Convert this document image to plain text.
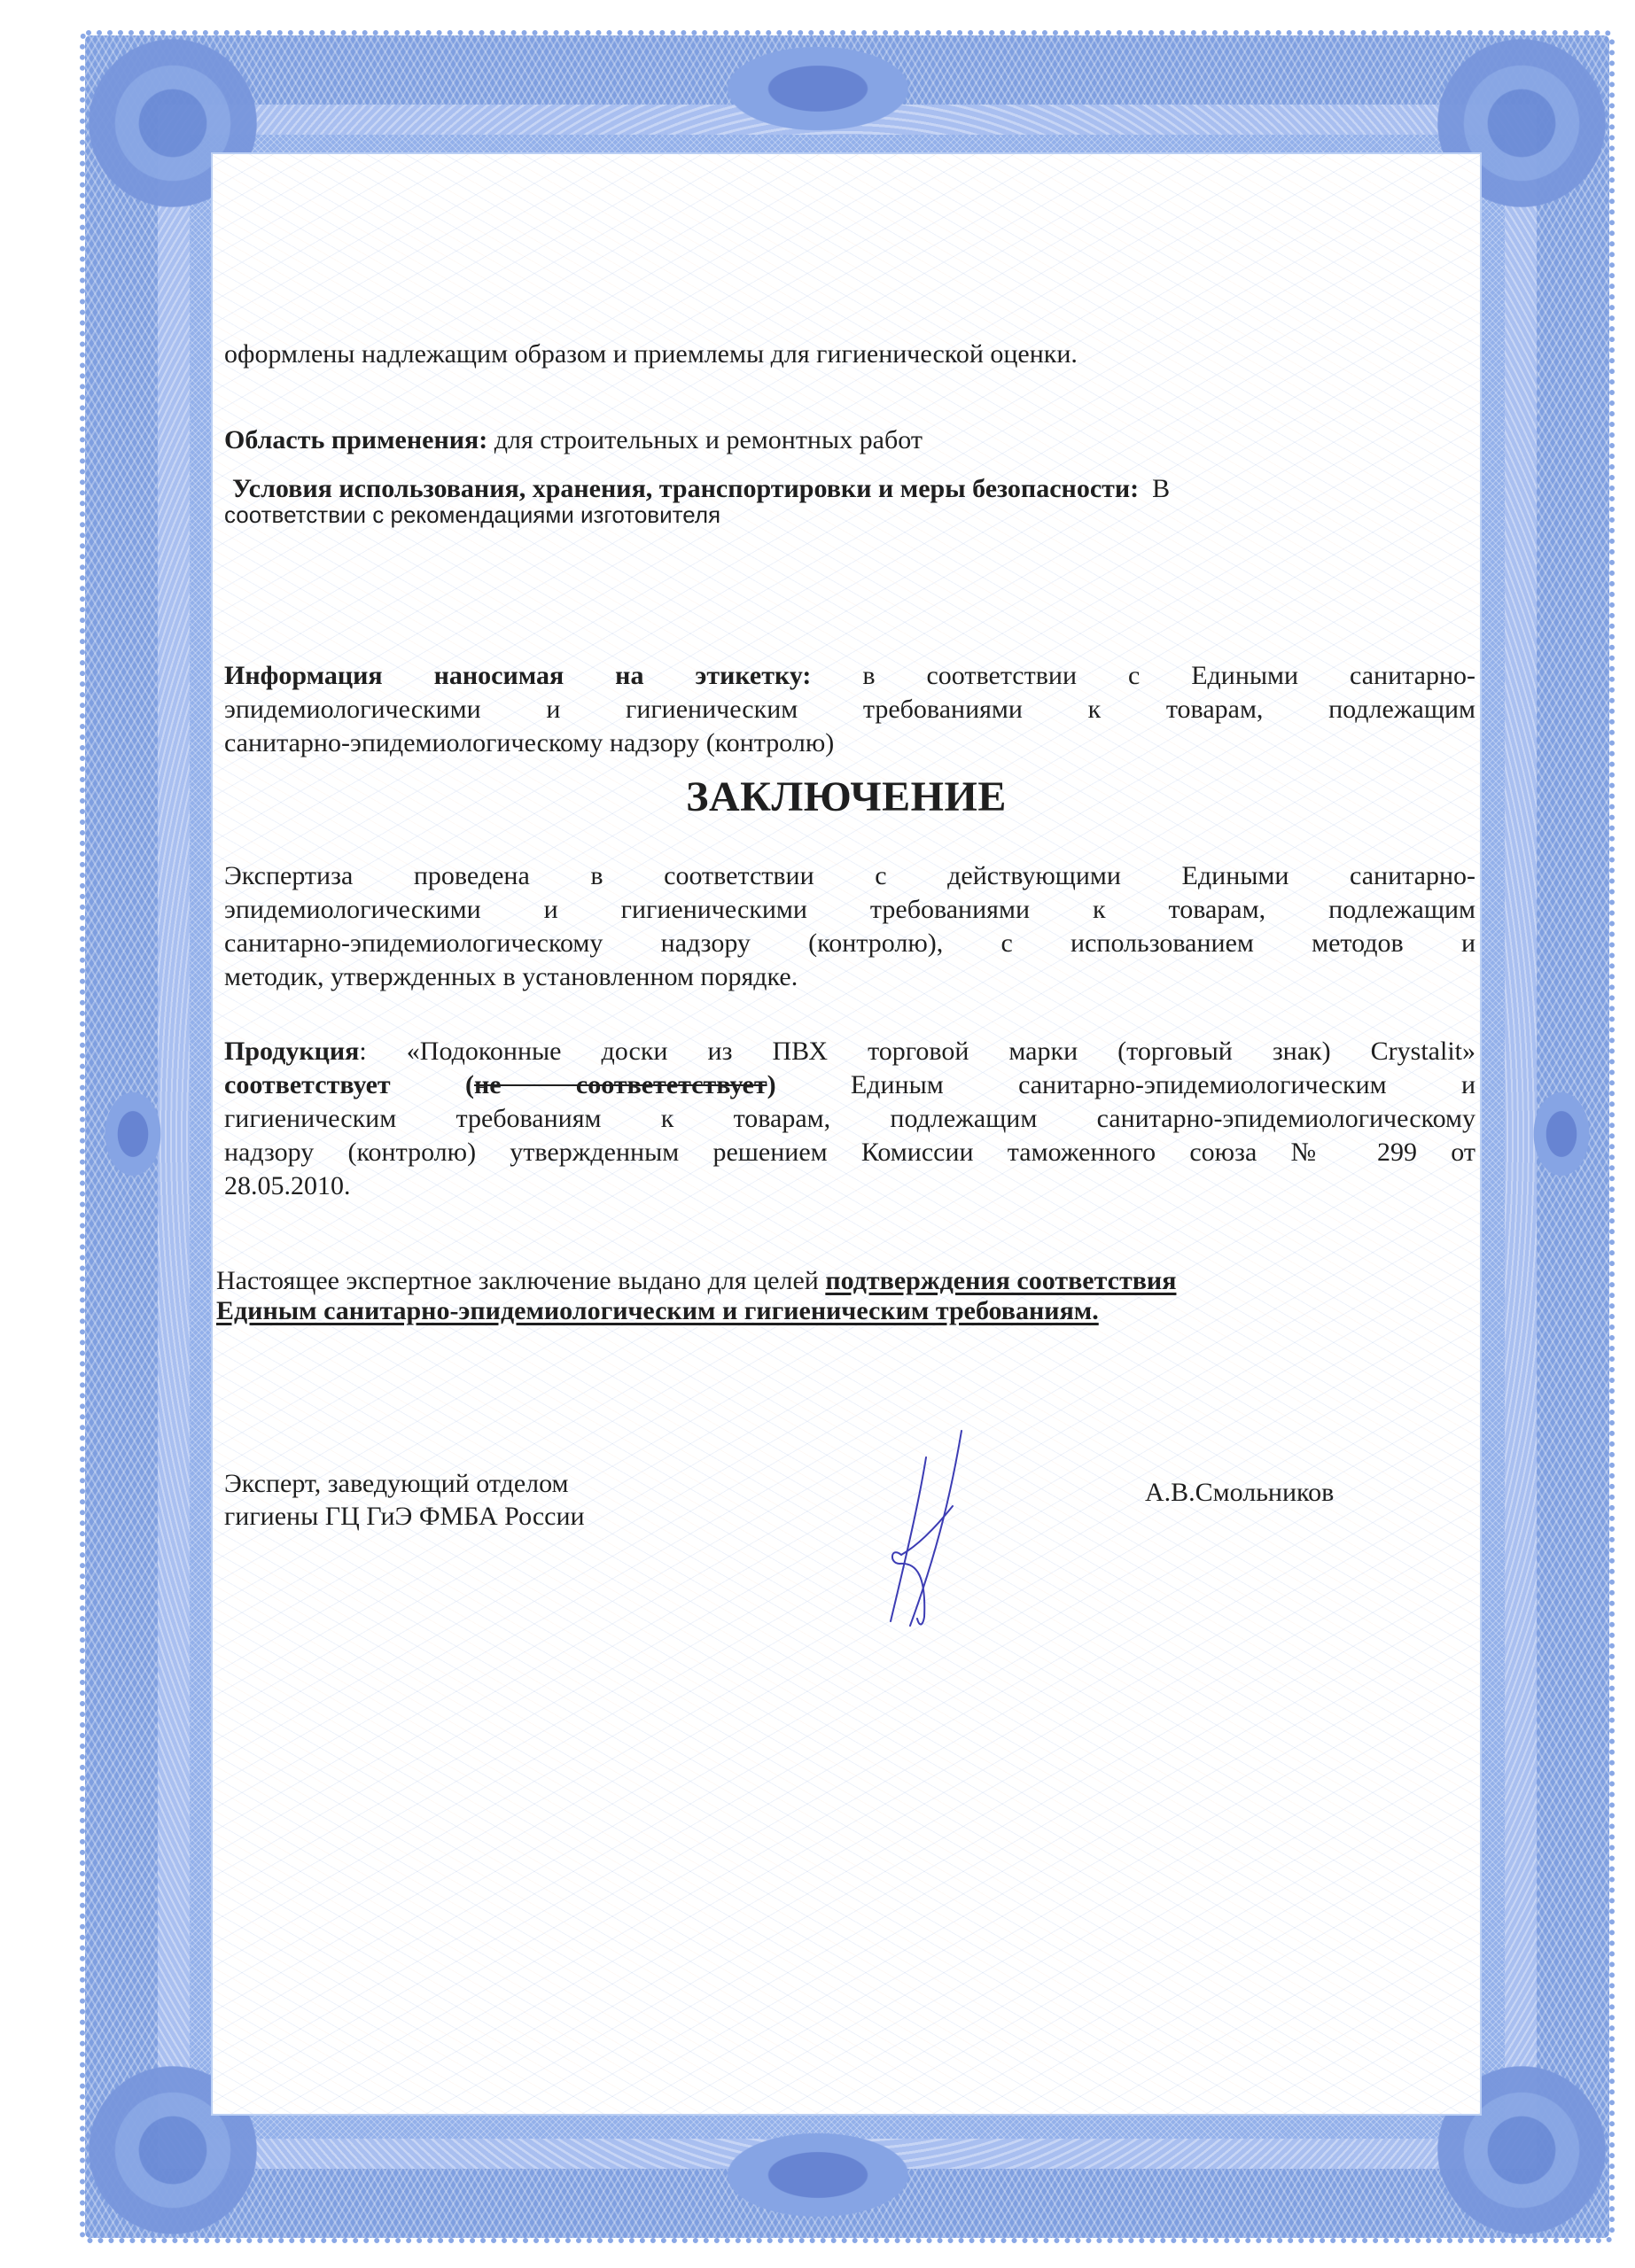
оформлены надлежащим образом и приемлемы для гигиенической оценки.
Область применения: для строительных и ремонтных работ
Условия использования, хранения, транспортировки и меры безопасности: В
соответствии с рекомендациями изготовителя
Информация наносимая на этикетку: в соответствии с Едиными санитарно-
эпидемиологическими и гигиеническим требованиями к товарам, подлежащим
санитарно-эпидемиологическому надзору (контролю)
ЗАКЛЮЧЕНИЕ
Экспертиза проведена в соответствии с действующими Едиными санитарно-
эпидемиологическими и гигиеническими требованиями к товарам, подлежащим
санитарно-эпидемиологическому надзору (контролю), с использованием методов и
методик, утвержденных в установленном порядке.
Продукция: «Подоконные доски из ПВХ торговой марки (торговый знак) Crystalit»
соответствует	(не соответетствует)	Единым санитарно-эпидемиологическим и
гигиеническим требованиям к товарам, подлежащим санитарно-эпидемиологическому
надзору (контролю) утвержденным решением Комиссии таможенного союза № 299 от
28.05.2010.
Настоящее экспертное заключение выдано для целей подтверждения соответствия
Единым санитарно-эпидемиологическим и гигиеническим требованиям.
Эксперт, заведующий отделом
гигиены ГЦ ГиЭ ФМБА России
А.В.Смольников
